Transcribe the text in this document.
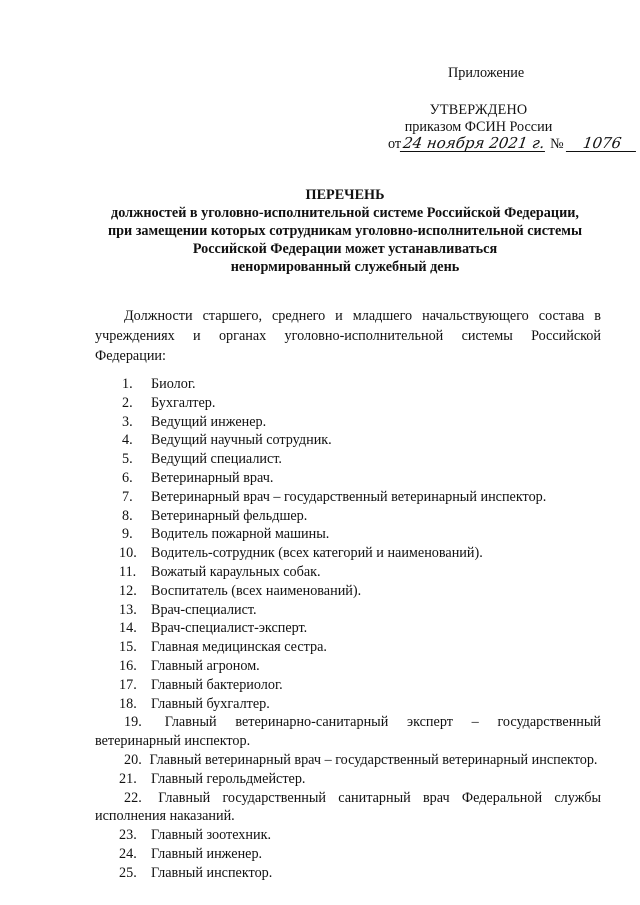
Приложение
УТВЕРЖДЕНО
приказом ФСИН России
от24 ноября 2021 г. № 1076
ПЕРЕЧЕНЬ
должностей в уголовно-исполнительной системе Российской Федерации,
при замещении которых сотрудникам уголовно-исполнительной системы
Российской Федерации может устанавливаться
ненормированный служебный день
Должности старшего, среднего и младшего начальствующего состава в учреждениях и органах уголовно-исполнительной системы Российской Федерации:
1.	Биолог.
2.	Бухгалтер.
3.	Ведущий инженер.
4.	Ведущий научный сотрудник.
5.	Ведущий специалист.
6.	Ветеринарный врач.
7.	Ветеринарный врач – государственный ветеринарный инспектор.
8.	Ветеринарный фельдшер.
9.	Водитель пожарной машины.
10.	Водитель-сотрудник (всех категорий и наименований).
11.	Вожатый караульных собак.
12.	Воспитатель (всех наименований).
13.	Врач-специалист.
14.	Врач-специалист-эксперт.
15.	Главная медицинская сестра.
16.	Главный агроном.
17.	Главный бактериолог.
18.	Главный бухгалтер.
19. Главный ветеринарно-санитарный эксперт – государственный ветеринарный инспектор.
20. Главный ветеринарный врач – государственный ветеринарный инспектор.
21.	Главный герольдмейстер.
22. Главный государственный санитарный врач Федеральной службы исполнения наказаний.
23.	Главный зоотехник.
24.	Главный инженер.
25.	Главный инспектор.
